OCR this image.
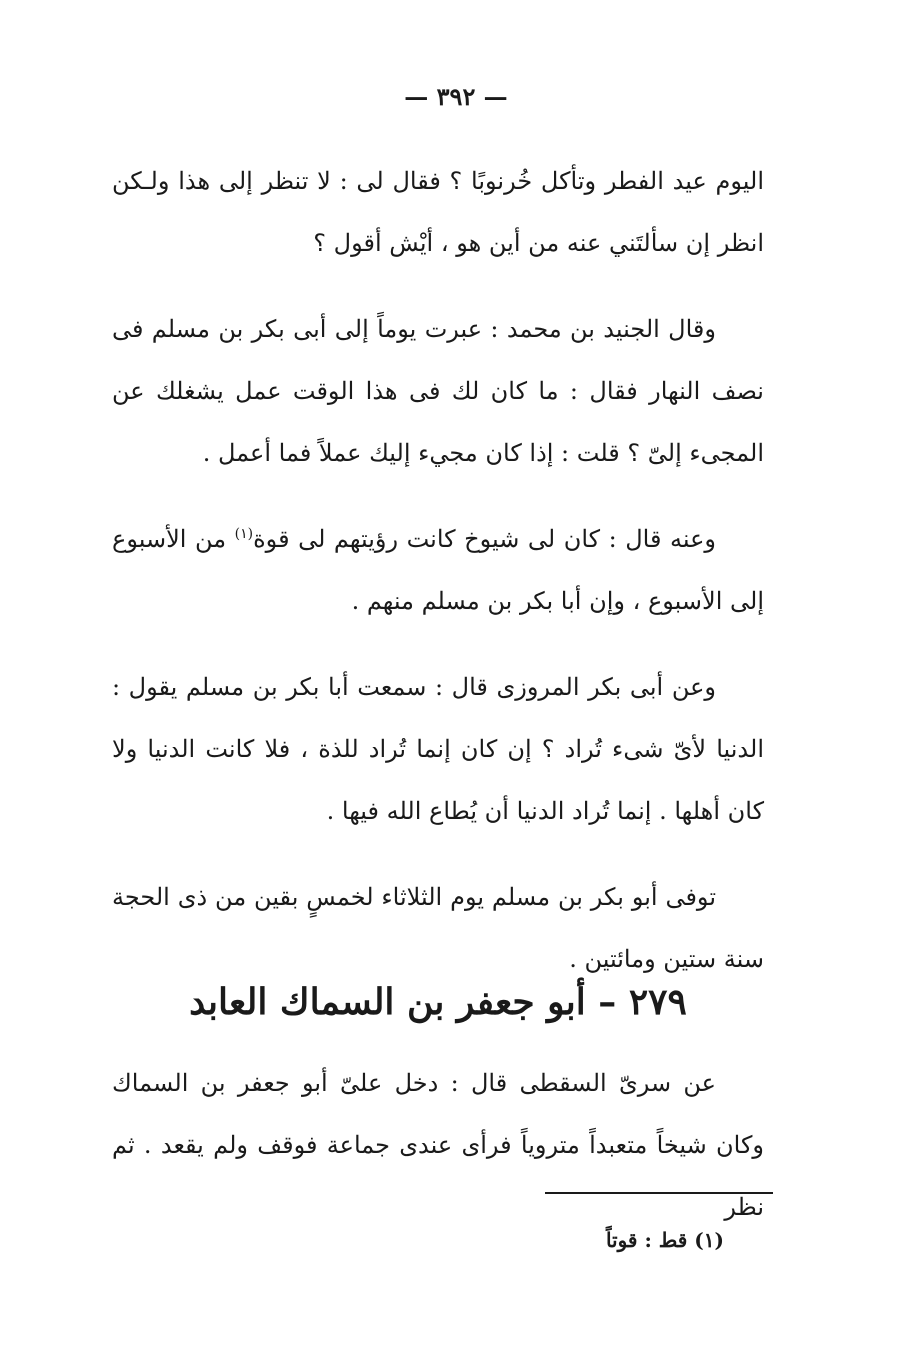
— ٣٩٢ —

اليوم عيد الفطر وتأكل خُرنوبًا ؟ فقال لى : لا تنظر إلى هذا ولـكن انظر إن سألتَني عنه من أين هو ، أيْش أقول ؟

وقال الجنيد بن محمد : عبرت يوماً إلى أبى بكر بن مسلم فى نصف النهار فقال : ما كان لك فى هذا الوقت عمل يشغلك عن المجىء إلىّ ؟ قلت : إذا كان مجيء إليك عملاً فما أعمل .

وعنه قال : كان لى شيوخ كانت رؤيتهم لى قوة$^{(١)}$ من الأسبوع إلى الأسبوع ، وإن أبا بكر بن مسلم منهم .

وعن أبى بكر المروزى قال : سمعت أبا بكر بن مسلم يقول : الدنيا لأىّ شىء تُراد ؟ إن كان إنما تُراد للذة ، فلا كانت الدنيا ولا كان أهلها . إنما تُراد الدنيا أن يُطاع الله فيها .

توفى أبو بكر بن مسلم يوم الثلاثاء لخمسٍ بقين من ذى الحجة سنة ستين ومائتين .

٢٧٩ – أبو جعفر بن السماك العابد

عن سرىّ السقطى قال : دخل علىّ أبو جعفر بن السماك وكان شيخاً متعبداً متروياً فرأى عندى جماعة فوقف ولم يقعد . ثم نظر

(١) قط : قوتاً
